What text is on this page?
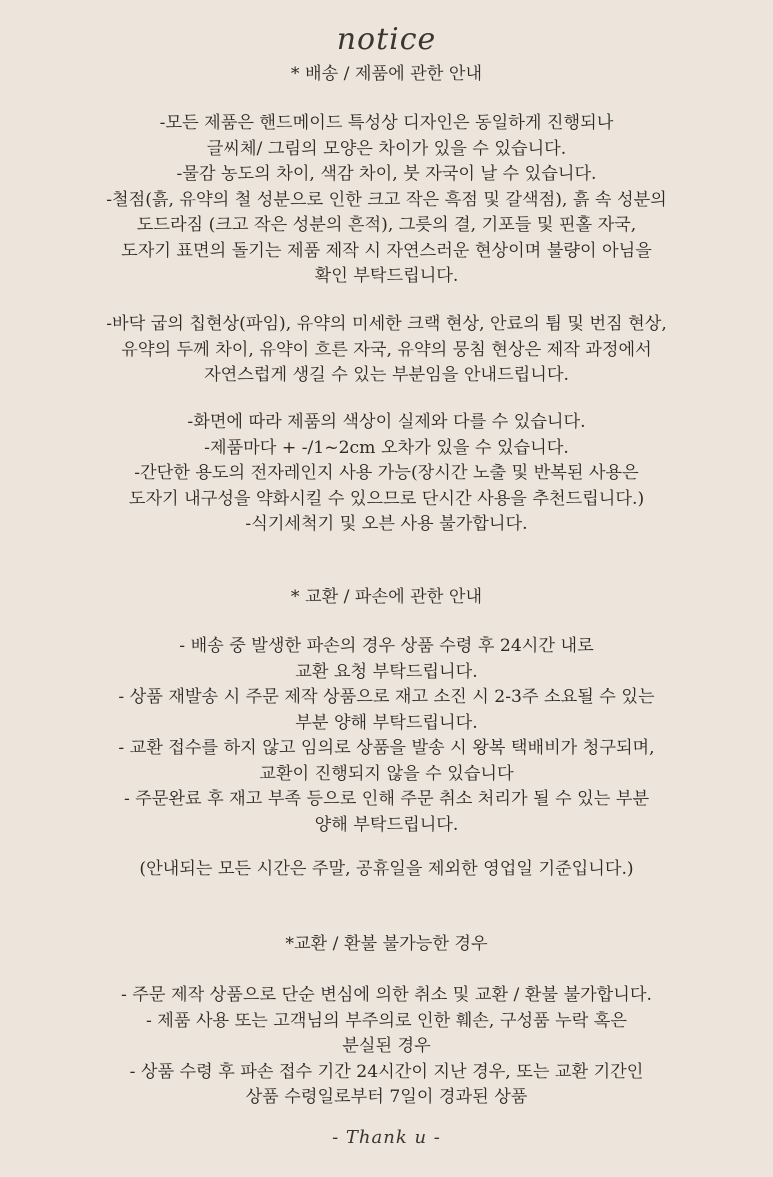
notice
* 배송 / 제품에 관한 안내
-모든 제품은 핸드메이드 특성상 디자인은 동일하게 진행되나
글씨체/ 그림의 모양은 차이가 있을 수 있습니다.
-물감 농도의 차이, 색감 차이, 붓 자국이 날 수 있습니다.
-철점(흙, 유약의 철 성분으로 인한 크고 작은 흑점 및 갈색점), 흙 속 성분의
도드라짐 (크고 작은 성분의 흔적), 그릇의 결, 기포들 및 핀홀 자국,
도자기 표면의 돌기는 제품 제작 시 자연스러운 현상이며 불량이 아님을
확인 부탁드립니다.
-바닥 굽의 칩현상(파임), 유약의 미세한 크랙 현상, 안료의 튐 및 번짐 현상,
유약의 두께 차이, 유약이 흐른 자국, 유약의 뭉침 현상은 제작 과정에서
자연스럽게 생길 수 있는 부분임을 안내드립니다.
-화면에 따라 제품의 색상이 실제와 다를 수 있습니다.
-제품마다 + -/1~2cm 오차가 있을 수 있습니다.
-간단한 용도의 전자레인지 사용 가능(장시간 노출 및 반복된 사용은
도자기 내구성을 약화시킬 수 있으므로 단시간 사용을 추천드립니다.)
-식기세척기 및 오븐 사용 불가합니다.
* 교환 / 파손에 관한 안내
- 배송 중 발생한 파손의 경우 상품 수령 후 24시간 내로
교환 요청 부탁드립니다.
- 상품 재발송 시 주문 제작 상품으로 재고 소진 시 2-3주 소요될 수 있는
부분 양해 부탁드립니다.
- 교환 접수를 하지 않고 임의로 상품을 발송 시 왕복 택배비가 청구되며,
교환이 진행되지 않을 수 있습니다
- 주문완료 후 재고 부족 등으로 인해 주문 취소 처리가 될 수 있는 부분
양해 부탁드립니다.
(안내되는 모든 시간은 주말, 공휴일을 제외한 영업일 기준입니다.)
*교환 / 환불 불가능한 경우
- 주문 제작 상품으로 단순 변심에 의한 취소 및 교환 / 환불 불가합니다.
- 제품 사용 또는 고객님의 부주의로 인한 훼손, 구성품 누락 혹은
분실된 경우
- 상품 수령 후 파손 접수 기간 24시간이 지난 경우, 또는 교환 기간인
상품 수령일로부터 7일이 경과된 상품
- Thank u -
